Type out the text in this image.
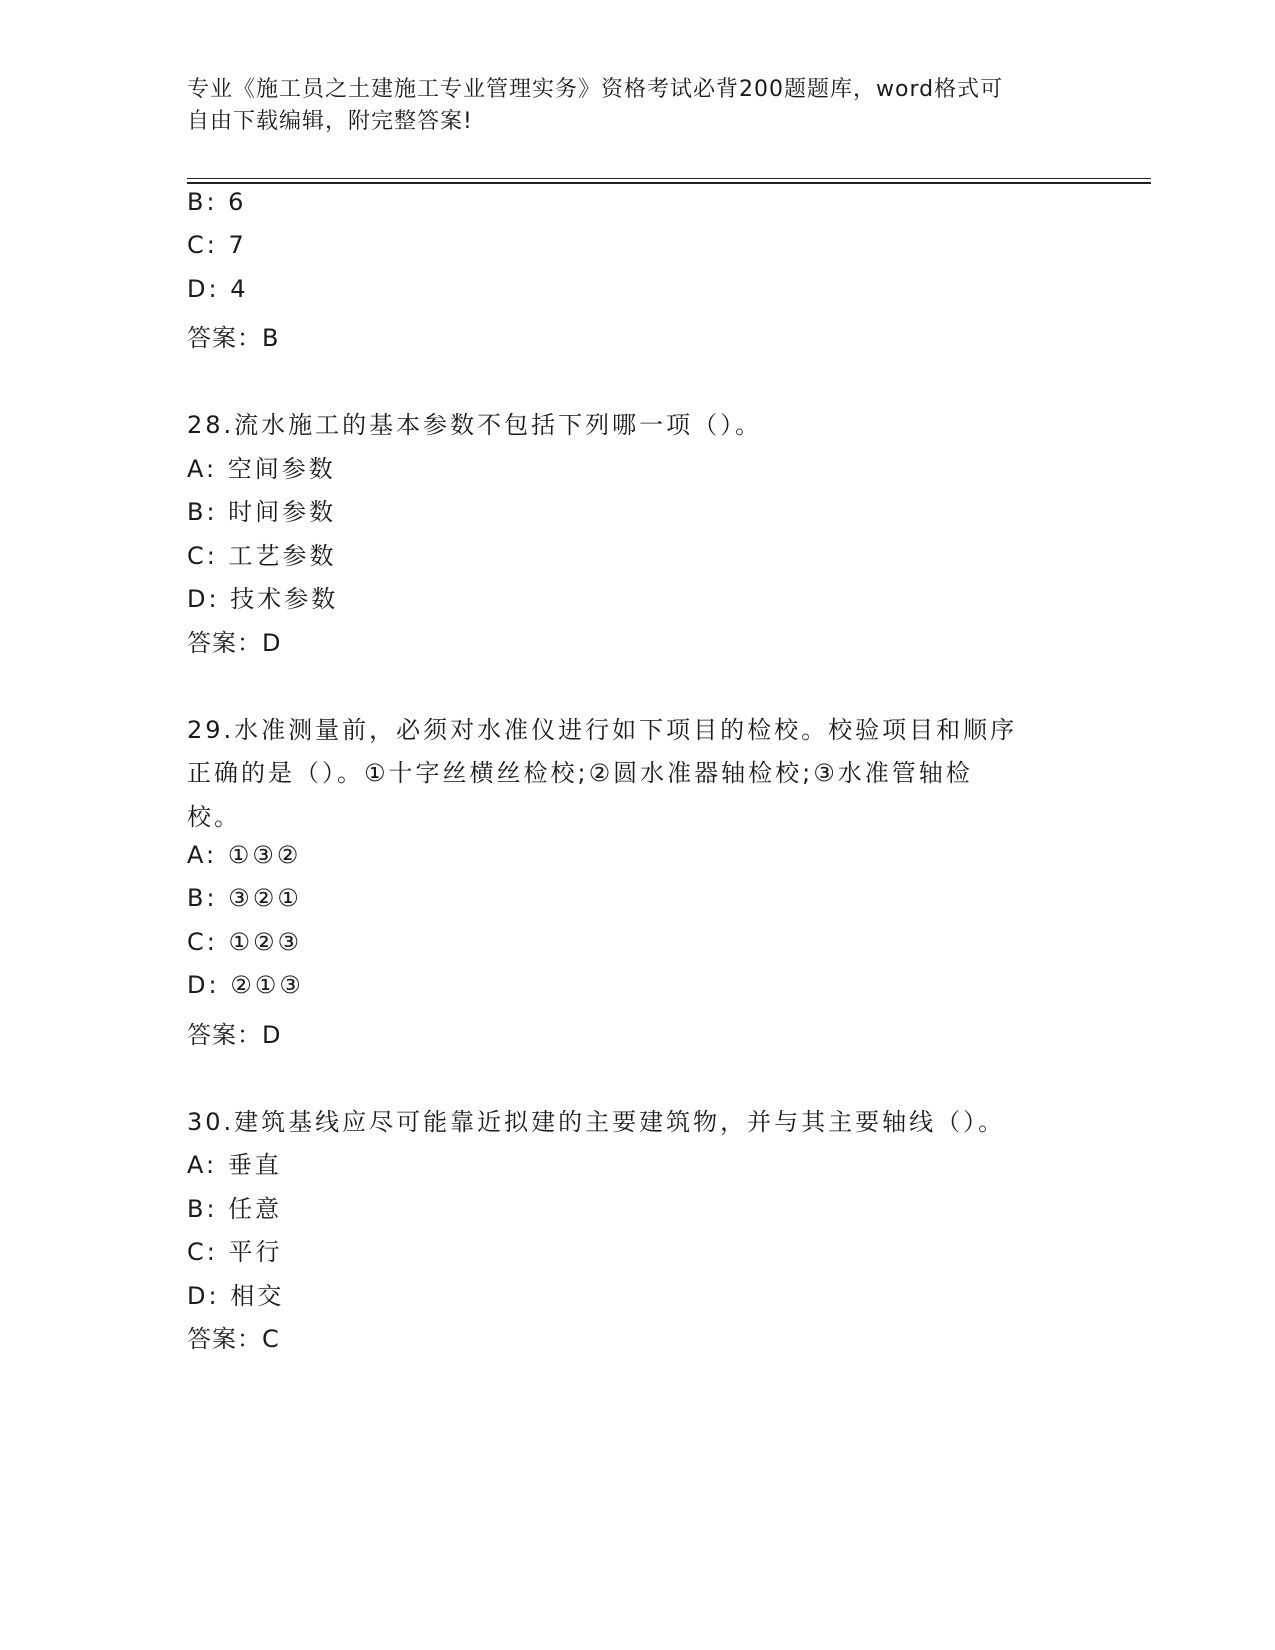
专业《施工员之土建施工专业管理实务》资格考试必背200题题库，word格式可
自由下载编辑，附完整答案!
B: 6
C: 7
D: 4
答案：B
28.流水施工的基本参数不包括下列哪一项（）。
A: 空间参数
B: 时间参数
C: 工艺参数
D: 技术参数
答案：D
29.水准测量前，必须对水准仪进行如下项目的检校。校验项目和顺序
正确的是（）。①十字丝横丝检校;②圆水准器轴检校;③水准管轴检
校。
A: ①③②
B: ③②①
C: ①②③
D: ②①③
答案：D
30.建筑基线应尽可能靠近拟建的主要建筑物，并与其主要轴线（）。
A: 垂直
B: 任意
C: 平行
D: 相交
答案：C
